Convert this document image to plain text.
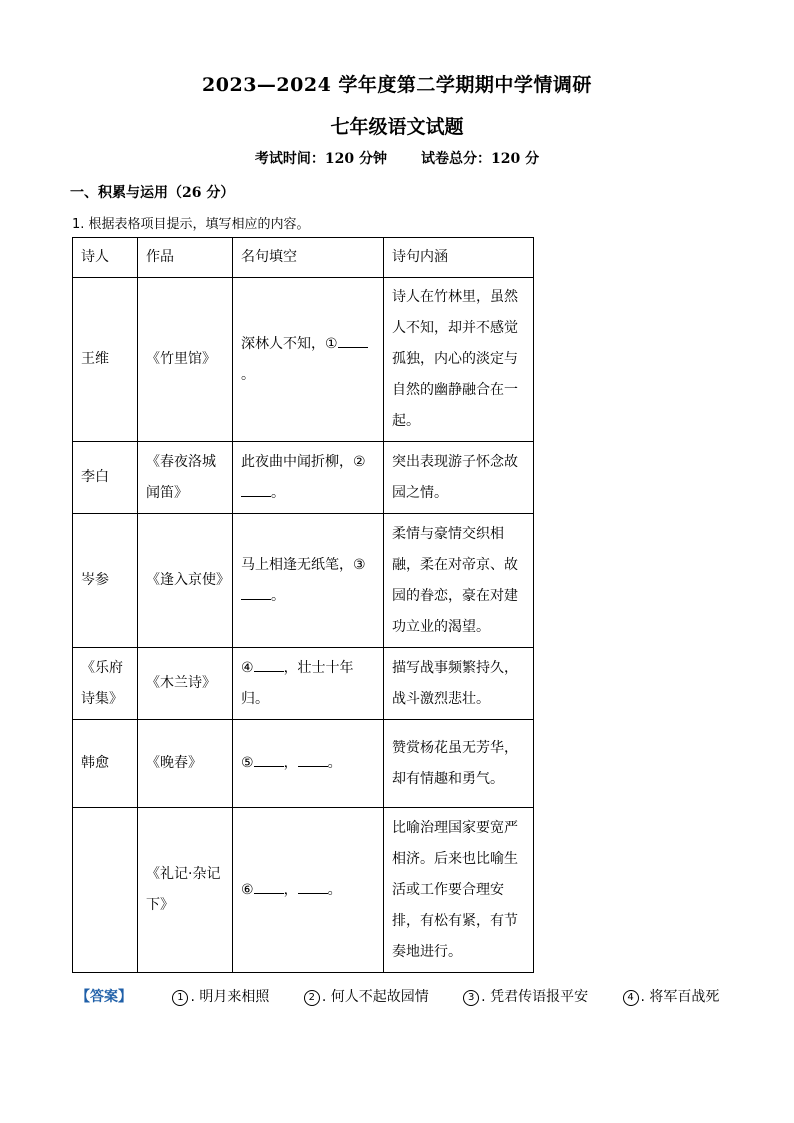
2023—2024 学年度第二学期期中学情调研
七年级语文试题
考试时间：120 分钟 试卷总分：120 分
一、积累与运用（26 分）
1. 根据表格项目提示，填写相应的内容。
诗人	作品	名句填空	诗句内涵
王维	《竹里馆》	深林人不知，①。	诗人在竹林里，虽然人不知，却并不感觉孤独，内心的淡定与自然的幽静融合在一起。
李白	《春夜洛城闻笛》	此夜曲中闻折柳，②。	突出表现游子怀念故园之情。
岑参	《逢入京使》	马上相逢无纸笔，③。	柔情与豪情交织相融，柔在对帝京、故园的眷恋，豪在对建功立业的渴望。
《乐府诗集》	《木兰诗》	④ ，壮士十年归。	描写战事频繁持久，战斗激烈悲壮。
韩愈	《晚春》	⑤ ， 。	赞赏杨花虽无芳华，却有情趣和勇气。
	《礼记·杂记下》	⑥ ， 。	比喻治理国家要宽严相济。后来也比喻生活或工作要合理安排，有松有紧，有节奏地进行。
【答案】	1 . 明月来相照	2 . 何人不起故园情	3 . 凭君传语报平安	4 . 将军百战死
